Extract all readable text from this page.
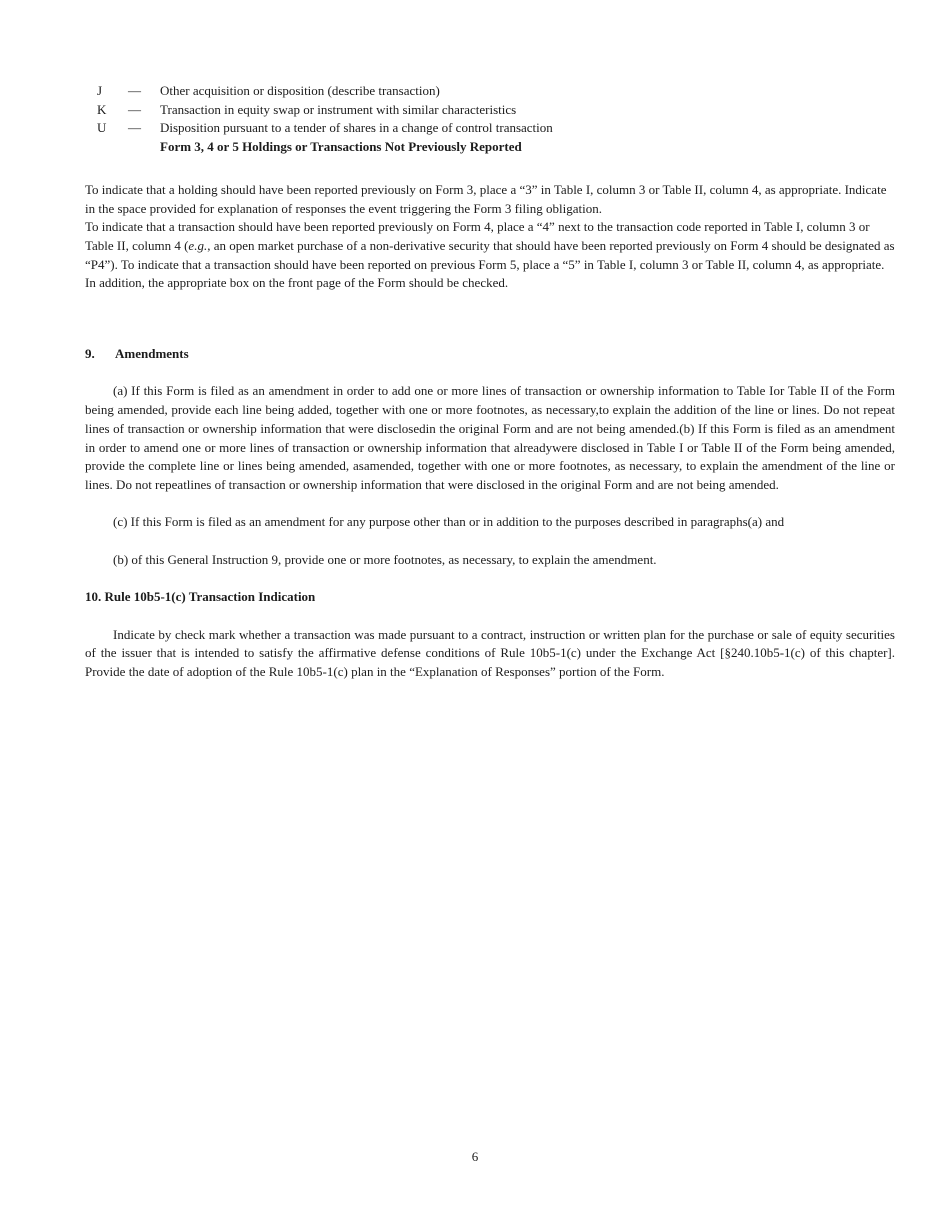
J	—	Other acquisition or disposition (describe transaction)
K	—	Transaction in equity swap or instrument with similar characteristics
U	—	Disposition pursuant to a tender of shares in a change of control transaction
Form 3, 4 or 5 Holdings or Transactions Not Previously Reported

To indicate that a holding should have been reported previously on Form 3, place a “3” in Table I, column 3 or Table II, column 4, as appropriate. Indicate in the space provided for explanation of responses the event triggering the Form 3 filing obligation.
To indicate that a transaction should have been reported previously on Form 4, place a “4” next to the transaction code reported in Table I, column 3 or Table II, column 4 (e.g., an open market purchase of a non-derivative security that should have been reported previously on Form 4 should be designated as “P4”). To indicate that a transaction should have been reported on previous Form 5, place a “5” in Table I, column 3 or Table II, column 4, as appropriate. In addition, the appropriate box on the front page of the Form should be checked.

9. Amendments

(a) If this Form is filed as an amendment in order to add one or more lines of transaction or ownership information to Table Ior Table II of the Form being amended, provide each line being added, together with one or more footnotes, as necessary,to explain the addition of the line or lines. Do not repeat lines of transaction or ownership information that were disclosedin the original Form and are not being amended.(b) If this Form is filed as an amendment in order to amend one or more lines of transaction or ownership information that alreadywere disclosed in Table I or Table II of the Form being amended, provide the complete line or lines being amended, asamended, together with one or more footnotes, as necessary, to explain the amendment of the line or lines. Do not repeatlines of transaction or ownership information that were disclosed in the original Form and are not being amended.

(c) If this Form is filed as an amendment for any purpose other than or in addition to the purposes described in paragraphs(a) and

(b) of this General Instruction 9, provide one or more footnotes, as necessary, to explain the amendment.

10. Rule 10b5-1(c) Transaction Indication

Indicate by check mark whether a transaction was made pursuant to a contract, instruction or written plan for the purchase or sale of equity securities of the issuer that is intended to satisfy the affirmative defense conditions of Rule 10b5-1(c) under the Exchange Act [§240.10b5-1(c) of this chapter]. Provide the date of adoption of the Rule 10b5-1(c) plan in the “Explanation of Responses” portion of the Form.

6
